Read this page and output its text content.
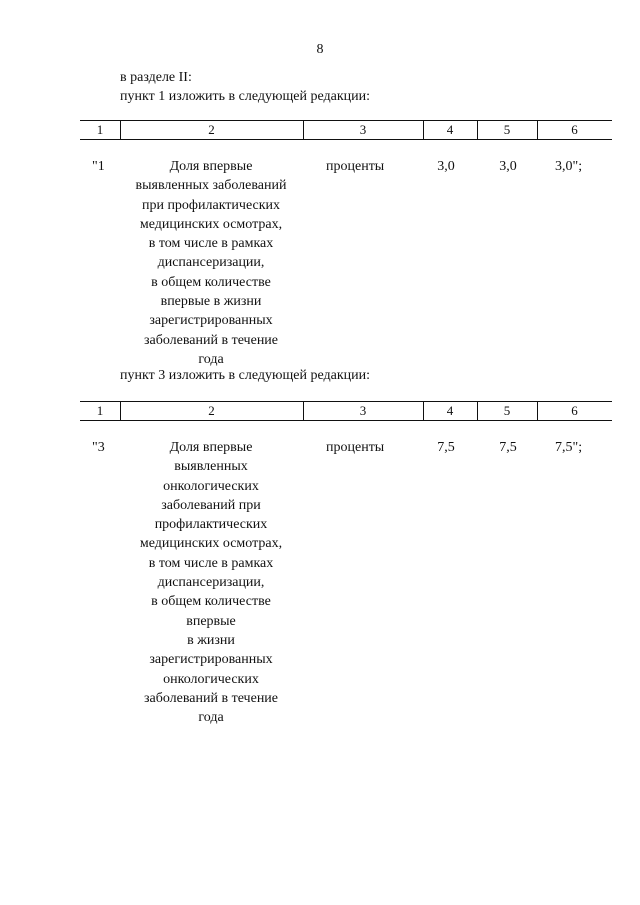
8
в разделе II:
пункт 1 изложить в следующей редакции:
1	2	3	4	5	6
"1	Доля впервые
выявленных заболеваний
при профилактических
медицинских осмотрах,
в том числе в рамках
диспансеризации,
в общем количестве
впервые в жизни
зарегистрированных
заболеваний в течение
года
проценты	3,0	3,0	3,0";
пункт 3 изложить в следующей редакции:
1	2	3	4	5	6
"3	Доля впервые
выявленных
онкологических
заболеваний при
профилактических
медицинских осмотрах,
в том числе в рамках
диспансеризации,
в общем количестве
впервые
в жизни
зарегистрированных
онкологических
заболеваний в течение
года
проценты	7,5	7,5	7,5";
